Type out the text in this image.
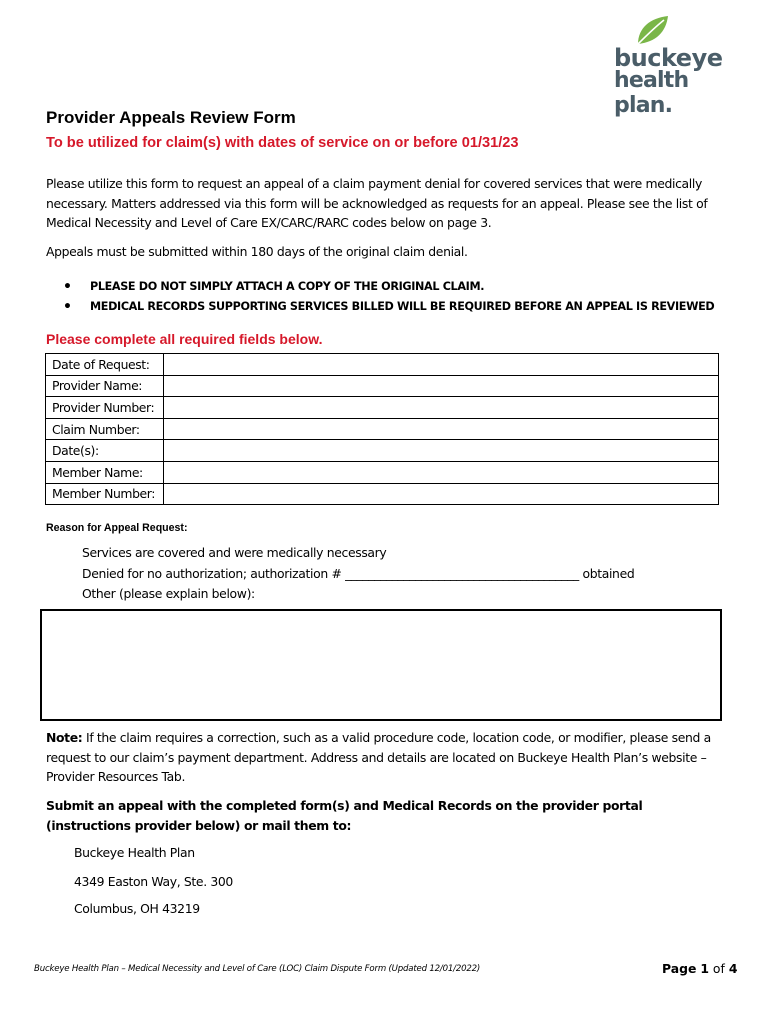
buckeye
health plan.
Provider Appeals Review Form
To be utilized for claim(s) with dates of service on or before 01/31/23
Please utilize this form to request an appeal of a claim payment denial for covered services that were medically necessary. Matters addressed via this form will be acknowledged as requests for an appeal. Please see the list of Medical Necessity and Level of Care EX/CARC/RARC codes below on page 3.
Appeals must be submitted within 180 days of the original claim denial.
• PLEASE DO NOT SIMPLY ATTACH A COPY OF THE ORIGINAL CLAIM.
• MEDICAL RECORDS SUPPORTING SERVICES BILLED WILL BE REQUIRED BEFORE AN APPEAL IS REVIEWED
Please complete all required fields below.
Date of Request:	
Provider Name:	
Provider Number:	
Claim Number:	
Date(s):	
Member Name:	
Member Number:	
Reason for Appeal Request:
Services are covered and were medically necessary
Denied for no authorization; authorization # ________________________________________ obtained
Other (please explain below):
Note: If the claim requires a correction, such as a valid procedure code, location code, or modifier, please send a request to our claim’s payment department. Address and details are located on Buckeye Health Plan’s website – Provider Resources Tab.
Submit an appeal with the completed form(s) and Medical Records on the provider portal (instructions provider below) or mail them to:
Buckeye Health Plan
4349 Easton Way, Ste. 300
Columbus, OH 43219
Buckeye Health Plan – Medical Necessity and Level of Care (LOC) Claim Dispute Form (Updated 12/01/2022)	Page 1 of 4
